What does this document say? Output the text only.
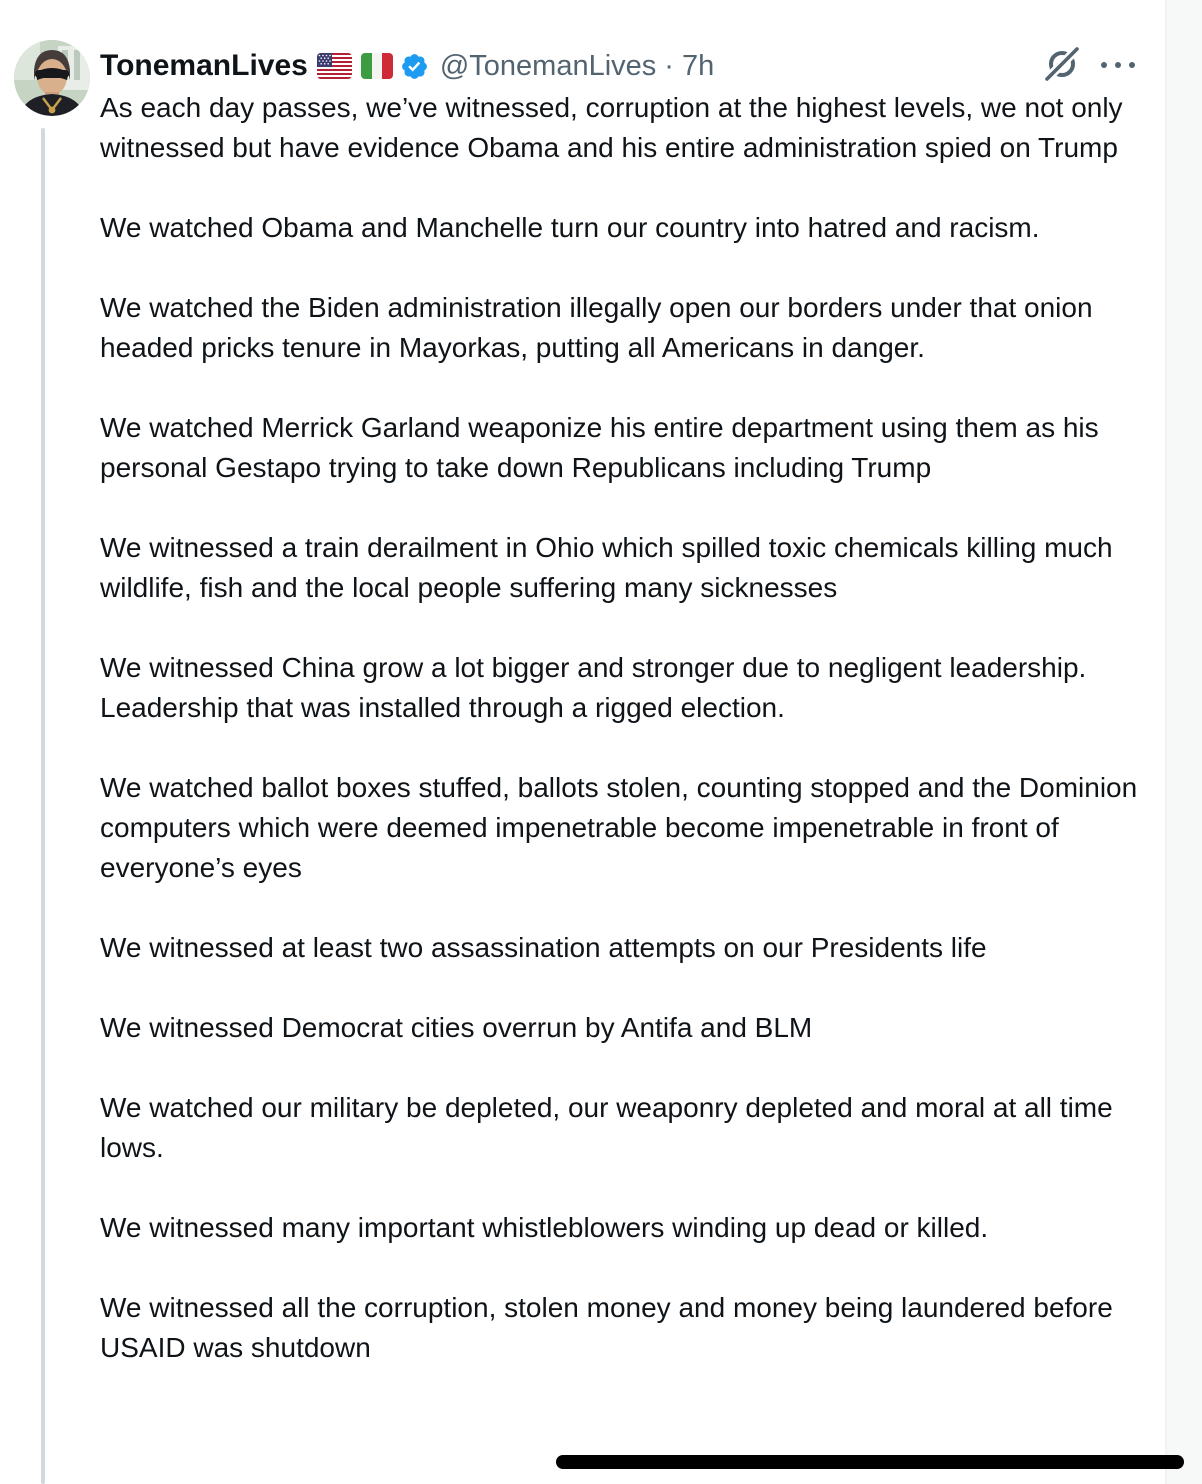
TonemanLives	@TonemanLives · 7h

As each day passes, we’ve witnessed, corruption at the highest levels, we not only witnessed but have evidence Obama and his entire administration spied on Trump

We watched Obama and Manchelle turn our country into hatred and racism.

We watched the Biden administration illegally open our borders under that onion headed pricks tenure in Mayorkas, putting all Americans in danger.

We watched Merrick Garland weaponize his entire department using them as his personal Gestapo trying to take down Republicans including Trump

We witnessed a train derailment in Ohio which spilled toxic chemicals killing much wildlife, fish and the local people suffering many sicknesses

We witnessed China grow a lot bigger and stronger due to negligent leadership. Leadership that was installed through a rigged election.

We watched ballot boxes stuffed, ballots stolen, counting stopped and the Dominion computers which were deemed impenetrable become impenetrable in front of everyone’s eyes

We witnessed at least two assassination attempts on our Presidents life

We witnessed Democrat cities overrun by Antifa and BLM

We watched our military be depleted, our weaponry depleted and moral at all time lows.

We witnessed many important whistleblowers winding up dead or killed.

We witnessed all the corruption, stolen money and money being laundered before USAID was shutdown
